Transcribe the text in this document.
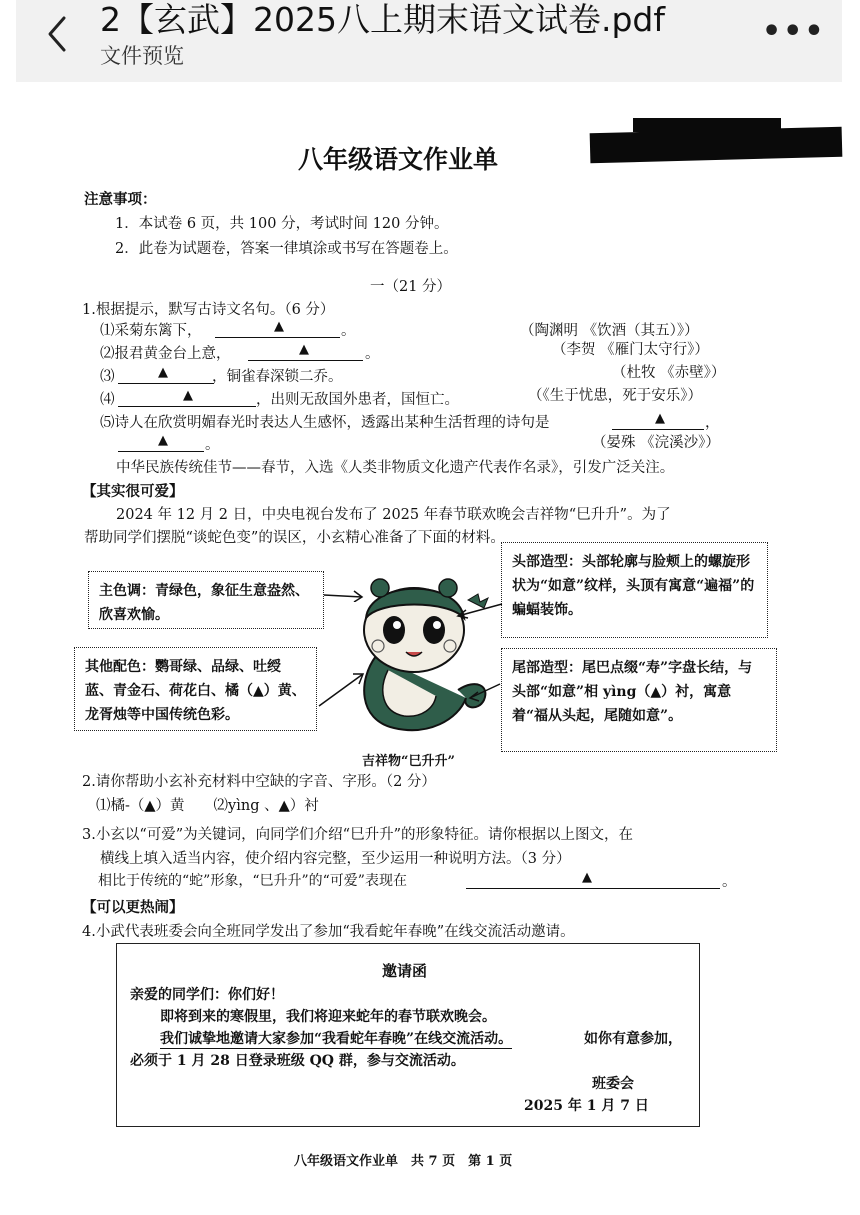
2【玄武】2025八上期末语文试卷.pdf
文件预览
•••
八年级语文作业单
注意事项：
1．本试卷 6 页，共 100 分，考试时间 120 分钟。
2．此卷为试题卷，答案一律填涂或书写在答题卷上。
一（21 分）
1.根据提示，默写古诗文名句。（6 分）
⑴采菊东篱下，	▲	。	（陶渊明 《饮酒（其五）》）
⑵报君黄金台上意，	▲	。	（李贺 《雁门太守行》）
⑶	▲	，铜雀春深锁二乔。	（杜牧 《赤壁》）
⑷	▲	，出则无敌国外患者，国恒亡。	（《生于忧患，死于安乐》）
⑸诗人在欣赏明媚春光时表达人生感怀，透露出某种生活哲理的诗句是	▲	，
▲	。	（晏殊 《浣溪沙》）
中华民族传统佳节——春节，入选《人类非物质文化遗产代表作名录》，引发广泛关注。
【其实很可爱】
2024 年 12 月 2 日，中央电视台发布了 2025 年春节联欢晚会吉祥物“巳升升”。为了
帮助同学们摆脱“谈蛇色变”的误区，小玄精心准备了下面的材料。
主色调：青绿色，象征生意盎然、欣喜欢愉。
头部造型：头部轮廓与脸颊上的螺旋形状为“如意”纹样，头顶有寓意“遍福”的蝙蝠装饰。
其他配色：鹦哥绿、品绿、吐绶蓝、青金石、荷花白、橘（▲）黄、龙胥烛等中国传统色彩。
尾部造型：尾巴点缀“寿”字盘长结，与头部“如意”相 yìng（▲）衬，寓意着“福从头起，尾随如意”。
吉祥物“巳升升”
2.请你帮助小玄补充材料中空缺的字音、字形。（2 分）
⑴橘-（▲）黄　　⑵yìng 、▲）衬
3.小玄以“可爱”为关键词，向同学们介绍“巳升升”的形象特征。请你根据以上图文，在
横线上填入适当内容，使介绍内容完整，至少运用一种说明方法。（3 分）
相比于传统的“蛇”形象，“巳升升”的“可爱”表现在	▲	。
【可以更热闹】
4.小武代表班委会向全班同学发出了参加“我看蛇年春晚”在线交流活动邀请。
邀请函
亲爱的同学们：你们好！
即将到来的寒假里，我们将迎来蛇年的春节联欢晚会。
我们诚挚地邀请大家参加“我看蛇年春晚”在线交流活动。	如你有意参加，
必须于 1 月 28 日登录班级 QQ 群，参与交流活动。
班委会
2025 年 1 月 7 日
八年级语文作业单　共 7 页　第 1 页
